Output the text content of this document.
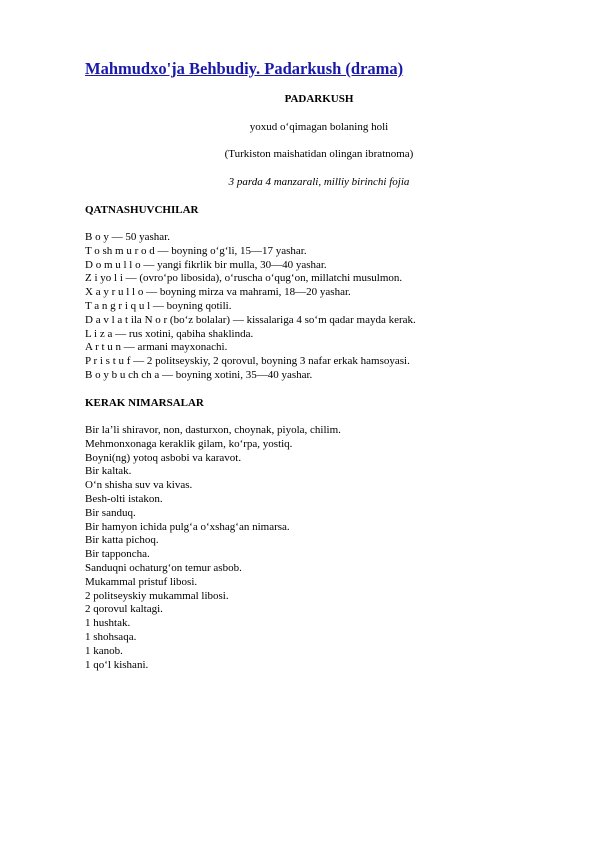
Mahmudxo'ja Behbudiy. Padarkush (drama)

PADARKUSH

yoxud o‘qimagan bolaning holi

(Turkiston maishatidan olingan ibratnoma)

3 parda 4 manzarali, milliy birinchi fojia

QATNASHUVCHILAR
B o y — 50 yashar.
T o sh m u r o d — boyning o‘g‘li, 15—17 yashar.
D o m u l l o — yangi fikrlik bir mulla, 30—40 yashar.
Z i yo l i — (ovro‘po libosida), o‘ruscha o‘qug‘on, millatchi musulmon.
X a y r u l l o — boyning mirza va mahrami, 18—20 yashar.
T a n g r i q u l — boyning qotili.
D a v l a t ila N o r (bo‘z bolalar) — kissalariga 4 so‘m qadar mayda kerak.
L i z a — rus xotini, qabiha shaklinda.
A r t u n — armani mayxonachi.
P r i s t u f — 2 politseyskiy, 2 qorovul, boyning 3 nafar erkak hamsoyasi.
B o y b u ch ch a — boyning xotini, 35—40 yashar.
KERAK NIMARSALAR
Bir la’li shiravor, non, dasturxon, choynak, piyola, chilim.
Mehmonxonaga keraklik gilam, ko‘rpa, yostiq.
Boyni(ng) yotoq asbobi va karavot.
Bir kaltak.
O‘n shisha suv va kivas.
Besh-olti istakon.
Bir sanduq.
Bir hamyon ichida pulg‘a o‘xshag‘an nimarsa.
Bir katta pichoq.
Bir tapponcha.
Sanduqni ochaturg‘on temur asbob.
Mukammal pristuf libosi.
2 politseyskiy mukammal libosi.
2 qorovul kaltagi.
1 hushtak.
1 shohsaqa.
1 kanob.
1 qo‘l kishani.
